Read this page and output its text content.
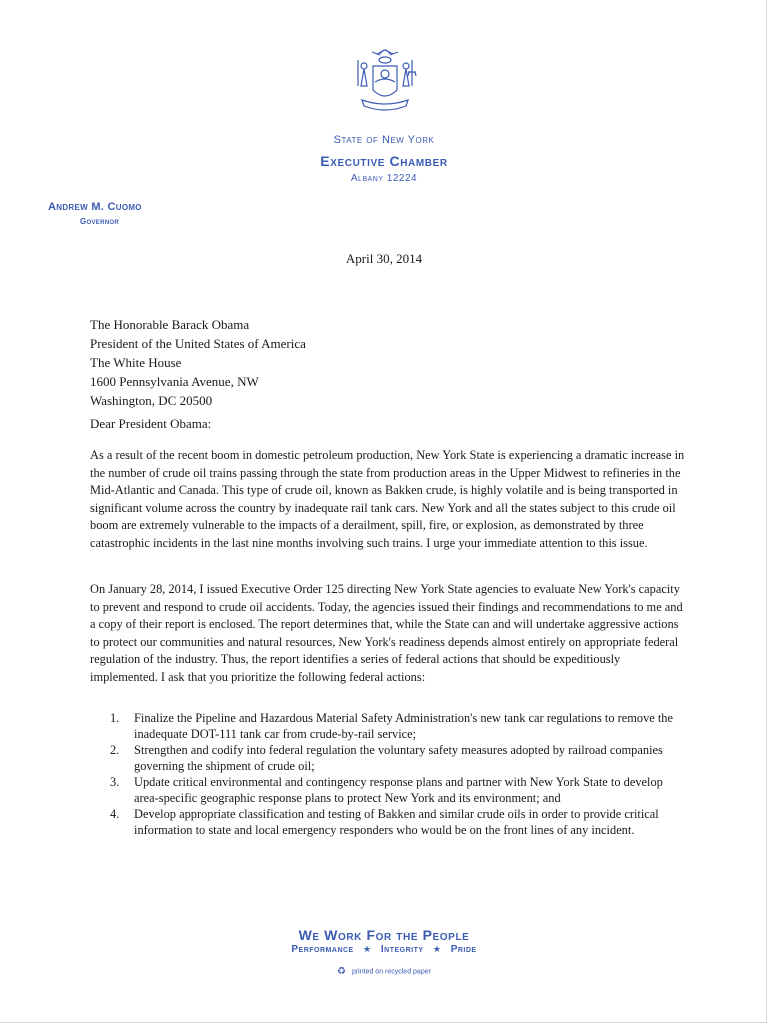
State of New York
Executive Chamber
Albany 12224
Andrew M. Cuomo
Governor
April 30, 2014
The Honorable Barack Obama
President of the United States of America
The White House
1600 Pennsylvania Avenue, NW
Washington, DC 20500
Dear President Obama:

As a result of the recent boom in domestic petroleum production, New York State is experiencing a dramatic increase in the number of crude oil trains passing through the state from production areas in the Upper Midwest to refineries in the Mid-Atlantic and Canada. This type of crude oil, known as Bakken crude, is highly volatile and is being transported in significant volume across the country by inadequate rail tank cars. New York and all the states subject to this crude oil boom are extremely vulnerable to the impacts of a derailment, spill, fire, or explosion, as demonstrated by three catastrophic incidents in the last nine months involving such trains. I urge your immediate attention to this issue.

On January 28, 2014, I issued Executive Order 125 directing New York State agencies to evaluate New York's capacity to prevent and respond to crude oil accidents. Today, the agencies issued their findings and recommendations to me and a copy of their report is enclosed. The report determines that, while the State can and will undertake aggressive actions to protect our communities and natural resources, New York's readiness depends almost entirely on appropriate federal regulation of the industry. Thus, the report identifies a series of federal actions that should be expeditiously implemented. I ask that you prioritize the following federal actions:

1.	Finalize the Pipeline and Hazardous Material Safety Administration's new tank car regulations to remove the inadequate DOT-111 tank car from crude-by-rail service;
2.	Strengthen and codify into federal regulation the voluntary safety measures adopted by railroad companies governing the shipment of crude oil;
3.	Update critical environmental and contingency response plans and partner with New York State to develop area-specific geographic response plans to protect New York and its environment; and
4.	Develop appropriate classification and testing of Bakken and similar crude oils in order to provide critical information to state and local emergency responders who would be on the front lines of any incident.
We Work For the People
Performance ★ Integrity ★ Pride
♻ printed on recycled paper
